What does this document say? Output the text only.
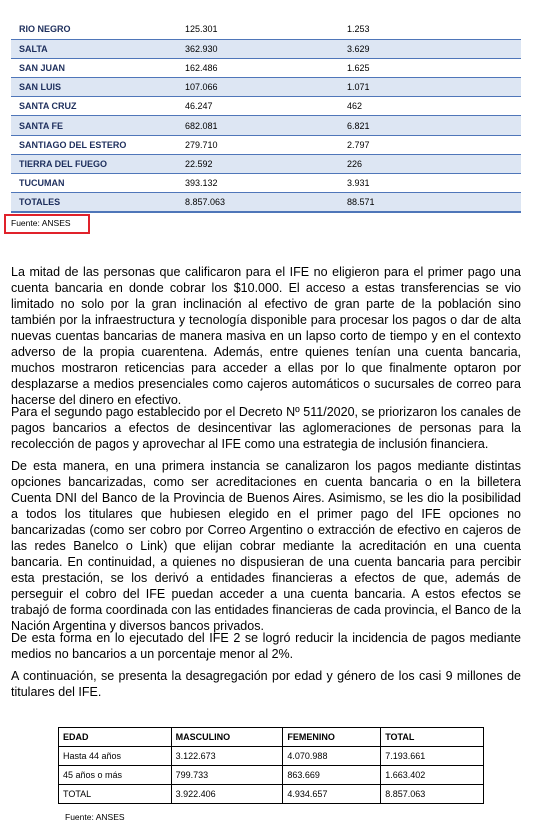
RIO NEGRO	125.301	1.253
SALTA	362.930	3.629
SAN JUAN	162.486	1.625
SAN LUIS	107.066	1.071
SANTA CRUZ	46.247	462
SANTA FE	682.081	6.821
SANTIAGO DEL ESTERO	279.710	2.797
TIERRA DEL FUEGO	22.592	226
TUCUMAN	393.132	3.931
TOTALES	8.857.063	88.571
Fuente: ANSES

La mitad de las personas que calificaron para el IFE no eligieron para el primer pago una cuenta bancaria en donde cobrar los $10.000. El acceso a estas transferencias se vio limitado no solo por la gran inclinación al efectivo de gran parte de la población sino también por la infraestructura y tecnología disponible para procesar los pagos o dar de alta nuevas cuentas bancarias de manera masiva en un lapso corto de tiempo y en el contexto adverso de la propia cuarentena. Además, entre quienes tenían una cuenta bancaria, muchos mostraron reticencias para acceder a ellas por lo que finalmente optaron por desplazarse a medios presenciales como cajeros automáticos o sucursales de correo para hacerse del dinero en efectivo.

Para el segundo pago establecido por el Decreto Nº 511/2020, se priorizaron los canales de pagos bancarios a efectos de desincentivar las aglomeraciones de personas para la recolección de pagos y aprovechar al IFE como una estrategia de inclusión financiera.

De esta manera, en una primera instancia se canalizaron los pagos mediante distintas opciones bancarizadas, como ser acreditaciones en cuenta bancaria o en la billetera Cuenta DNI del Banco de la Provincia de Buenos Aires. Asimismo, se les dio la posibilidad a todos los titulares que hubiesen elegido en el primer pago del IFE opciones no bancarizadas (como ser cobro por Correo Argentino o extracción de efectivo en cajeros de las redes Banelco o Link) que elijan cobrar mediante la acreditación en una cuenta bancaria. En continuidad, a quienes no dispusieran de una cuenta bancaria para percibir esta prestación, se los derivó a entidades financieras a efectos de que, además de perseguir el cobro del IFE puedan acceder a una cuenta bancaria. A estos efectos se trabajó de forma coordinada con las entidades financieras de cada provincia, el Banco de la Nación Argentina y diversos bancos privados.

De esta forma en lo ejecutado del IFE 2 se logró reducir la incidencia de pagos mediante medios no bancarios a un porcentaje menor al 2%.

A continuación, se presenta la desagregación por edad y género de los casi 9 millones de titulares del IFE.

EDAD	MASCULINO	FEMENINO	TOTAL
Hasta 44 años	3.122.673	4.070.988	7.193.661
45 años o más	799.733	863.669	1.663.402
TOTAL	3.922.406	4.934.657	8.857.063
Fuente: ANSES
